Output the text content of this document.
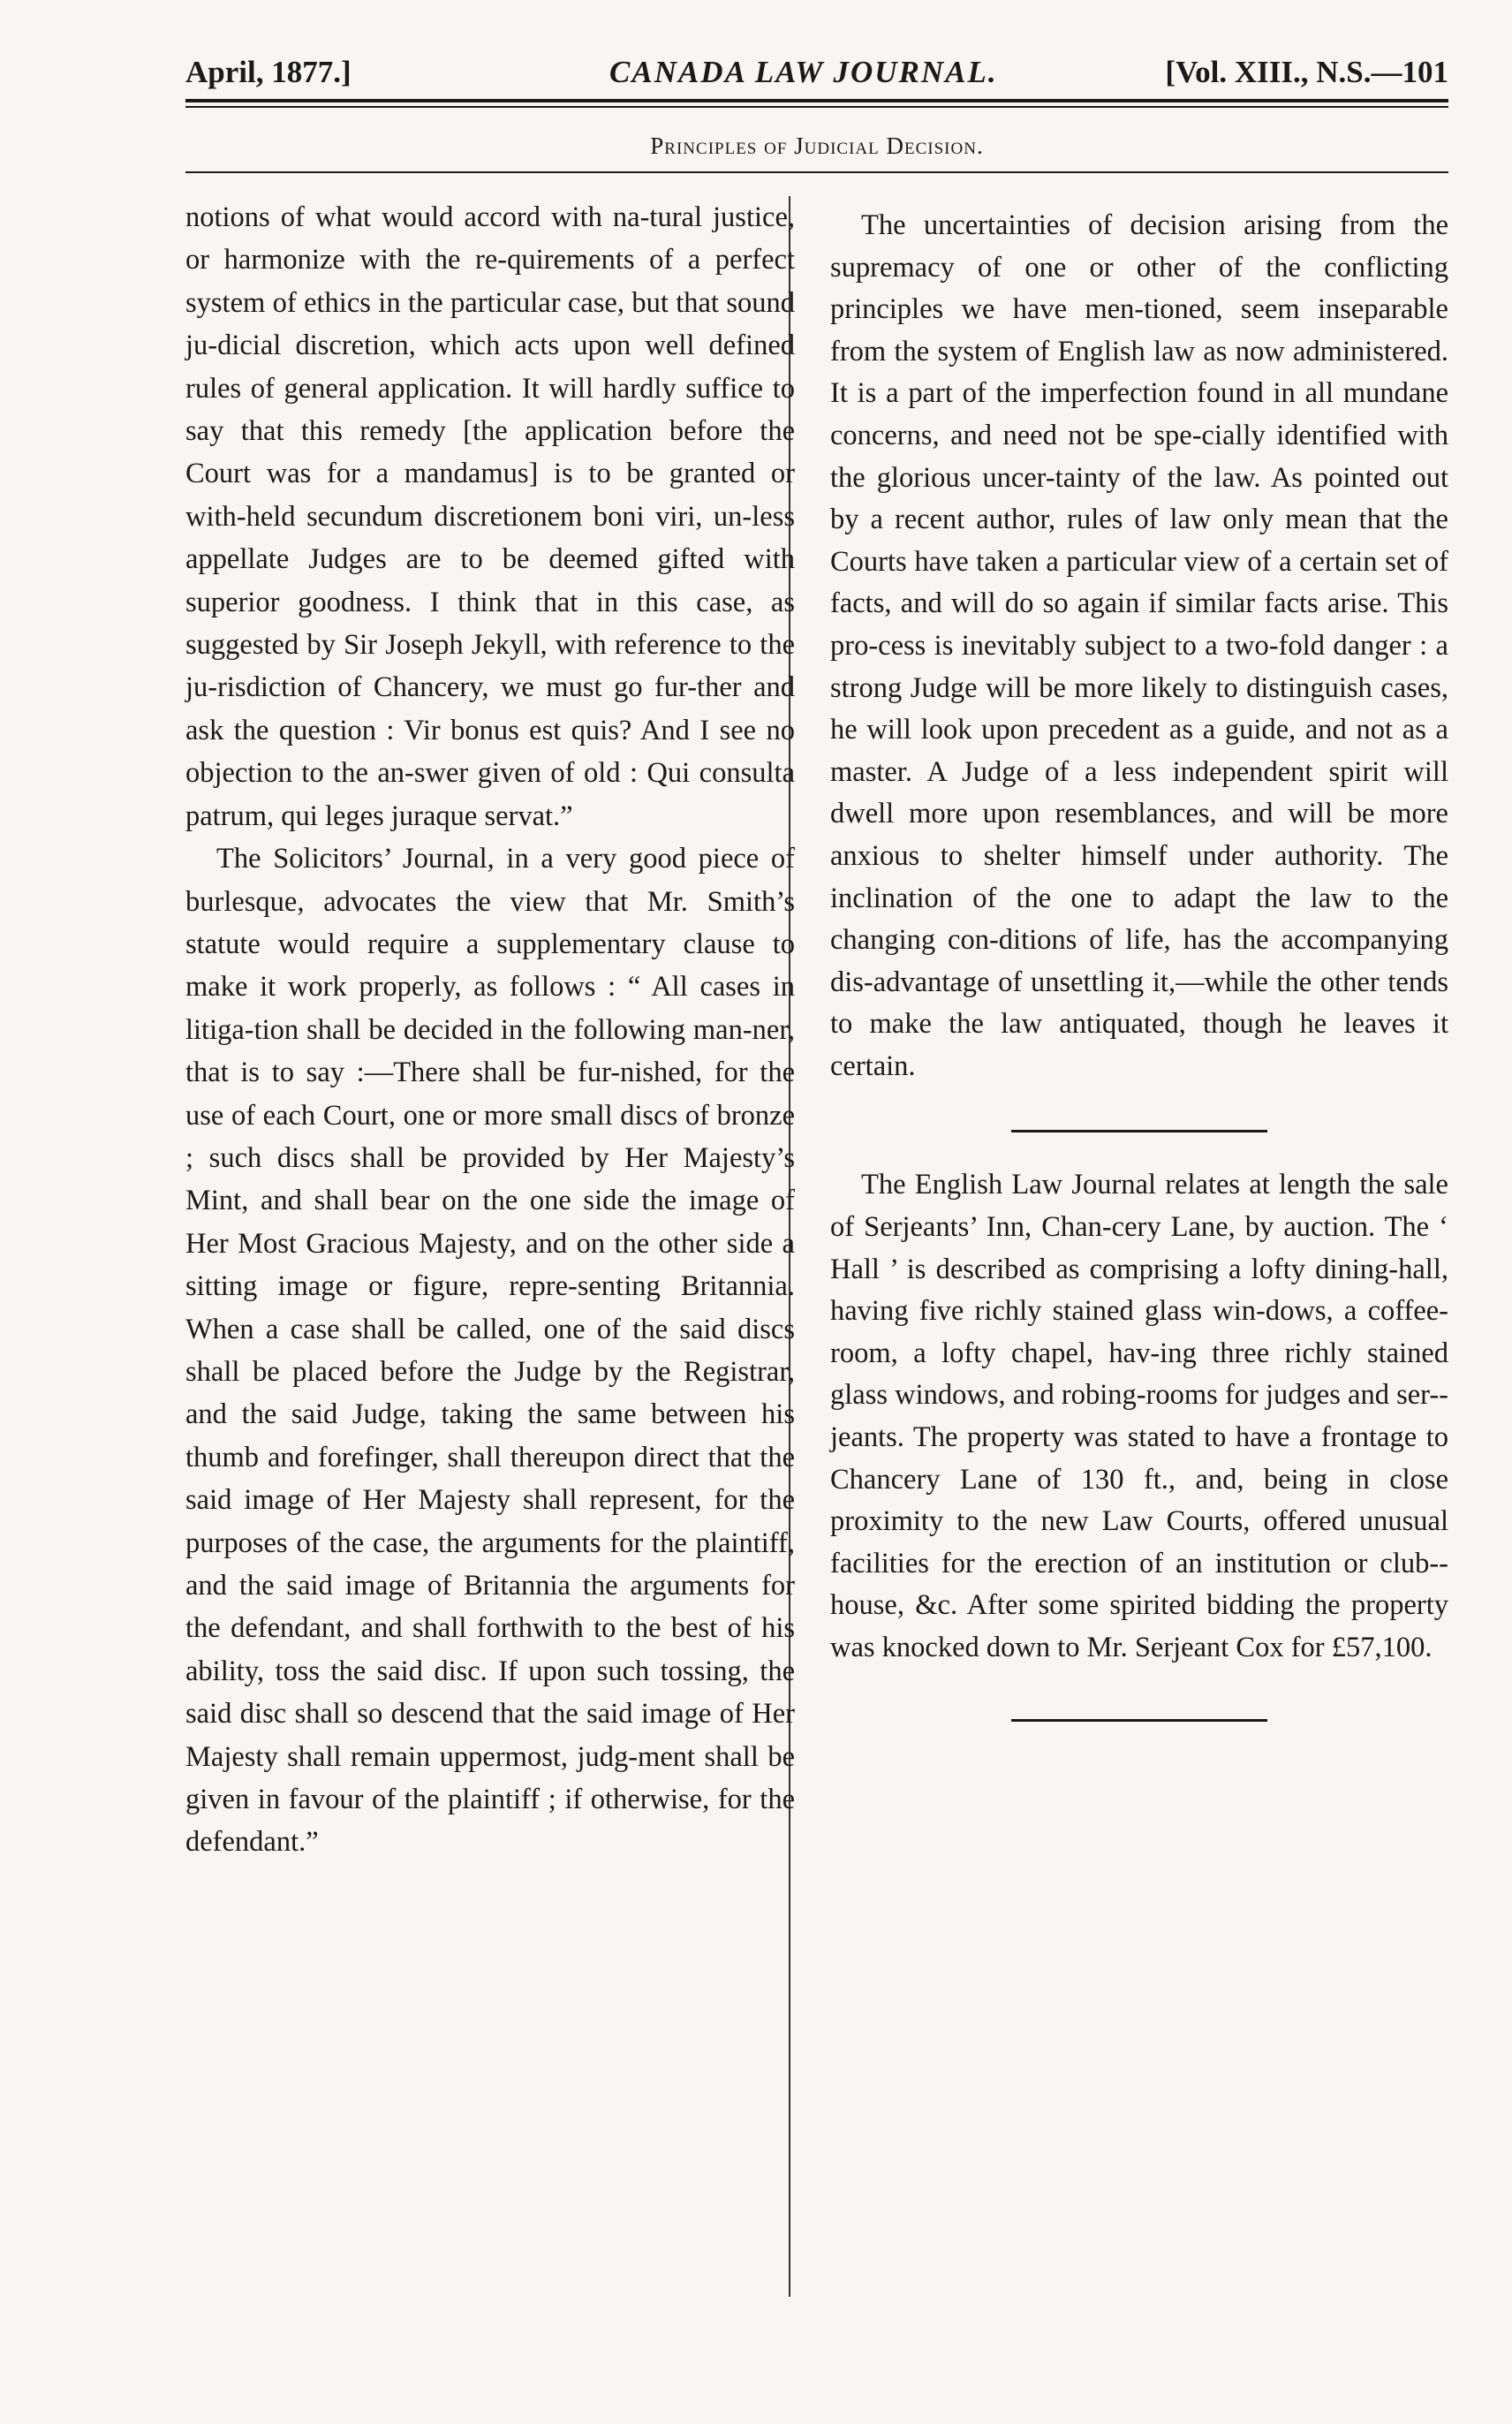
April, 1877.]	CANADA LAW JOURNAL.	[Vol. XIII., N.S.—101
Principles of Judicial Decision.

notions of what would accord with na-tural justice, or harmonize with the re-quirements of a perfect system of ethics in the particular case, but that sound ju-dicial discretion, which acts upon well defined rules of general application. It will hardly suffice to say that this remedy [the application before the Court was for a mandamus] is to be granted or with-held secundum discretionem boni viri, un-less appellate Judges are to be deemed gifted with superior goodness. I think that in this case, as suggested by Sir Joseph Jekyll, with reference to the ju-risdiction of Chancery, we must go fur-ther and ask the question : Vir bonus est quis? And I see no objection to the an-swer given of old : Qui consulta patrum, qui leges juraque servat.”

The Solicitors’ Journal, in a very good piece of burlesque, advocates the view that Mr. Smith’s statute would require a supplementary clause to make it work properly, as follows : “ All cases in litiga-tion shall be decided in the following man-ner, that is to say :—There shall be fur-nished, for the use of each Court, one or more small discs of bronze ; such discs shall be provided by Her Majesty’s Mint, and shall bear on the one side the image of Her Most Gracious Majesty, and on the other side a sitting image or figure, repre-senting Britannia. When a case shall be called, one of the said discs shall be placed before the Judge by the Registrar, and the said Judge, taking the same between his thumb and forefinger, shall thereupon direct that the said image of Her Majesty shall represent, for the purposes of the case, the arguments for the plaintiff, and the said image of Britannia the arguments for the defendant, and shall forthwith to the best of his ability, toss the said disc. If upon such tossing, the said disc shall so descend that the said image of Her Majesty shall remain uppermost, judg-ment shall be given in favour of the plaintiff ; if otherwise, for the defendant.”

The uncertainties of decision arising from the supremacy of one or other of the conflicting principles we have men-tioned, seem inseparable from the system of English law as now administered. It is a part of the imperfection found in all mundane concerns, and need not be spe-cially identified with the glorious uncer-tainty of the law. As pointed out by a recent author, rules of law only mean that the Courts have taken a particular view of a certain set of facts, and will do so again if similar facts arise. This pro-cess is inevitably subject to a two-fold danger : a strong Judge will be more likely to distinguish cases, he will look upon precedent as a guide, and not as a master. A Judge of a less independent spirit will dwell more upon resemblances, and will be more anxious to shelter himself under authority. The inclination of the one to adapt the law to the changing con-ditions of life, has the accompanying dis-advantage of unsettling it,—while the other tends to make the law antiquated, though he leaves it certain.

The English Law Journal relates at length the sale of Serjeants’ Inn, Chan-cery Lane, by auction. The ‘ Hall ’ is described as comprising a lofty dining-hall, having five richly stained glass win-dows, a coffee-room, a lofty chapel, hav-ing three richly stained glass windows, and robing-rooms for judges and ser-jeants. The property was stated to have a frontage to Chancery Lane of 130 ft., and, being in close proximity to the new Law Courts, offered unusual facilities for the erection of an institution or club-house, &c. After some spirited bidding the property was knocked down to Mr. Serjeant Cox for £57,100.
